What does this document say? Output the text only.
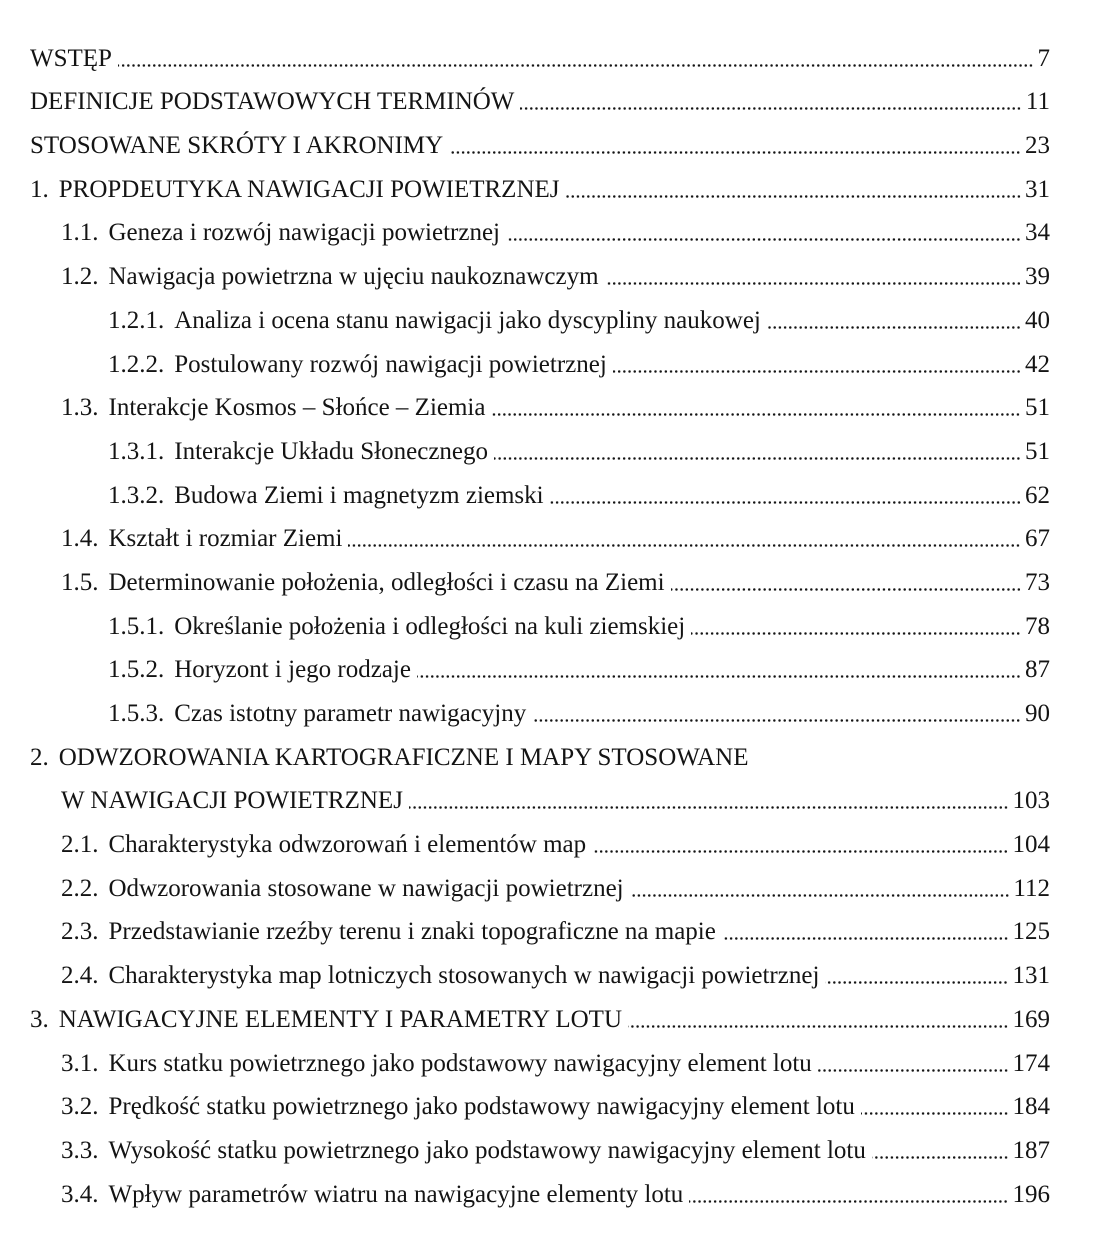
WSTĘP	7
DEFINICJE PODSTAWOWYCH TERMINÓW	11
STOSOWANE SKRÓTY I AKRONIMY	23
1. PROPDEUTYKA NAWIGACJI POWIETRZNEJ	31
1.1. Geneza i rozwój nawigacji powietrznej	34
1.2. Nawigacja powietrzna w ujęciu naukoznawczym	39
1.2.1. Analiza i ocena stanu nawigacji jako dyscypliny naukowej	40
1.2.2. Postulowany rozwój nawigacji powietrznej	42
1.3. Interakcje Kosmos – Słońce – Ziemia	51
1.3.1. Interakcje Układu Słonecznego	51
1.3.2. Budowa Ziemi i magnetyzm ziemski	62
1.4. Kształt i rozmiar Ziemi	67
1.5. Determinowanie położenia, odległości i czasu na Ziemi	73
1.5.1. Określanie położenia i odległości na kuli ziemskiej	78
1.5.2. Horyzont i jego rodzaje	87
1.5.3. Czas istotny parametr nawigacyjny	90
2. ODWZOROWANIA KARTOGRAFICZNE I MAPY STOSOWANE
W NAWIGACJI POWIETRZNEJ	103
2.1. Charakterystyka odwzorowań i elementów map	104
2.2. Odwzorowania stosowane w nawigacji powietrznej	112
2.3. Przedstawianie rzeźby terenu i znaki topograficzne na mapie	125
2.4. Charakterystyka map lotniczych stosowanych w nawigacji powietrznej	131
3. NAWIGACYJNE ELEMENTY I PARAMETRY LOTU	169
3.1. Kurs statku powietrznego jako podstawowy nawigacyjny element lotu	174
3.2. Prędkość statku powietrznego jako podstawowy nawigacyjny element lotu	184
3.3. Wysokość statku powietrznego jako podstawowy nawigacyjny element lotu	187
3.4. Wpływ parametrów wiatru na nawigacyjne elementy lotu	196
